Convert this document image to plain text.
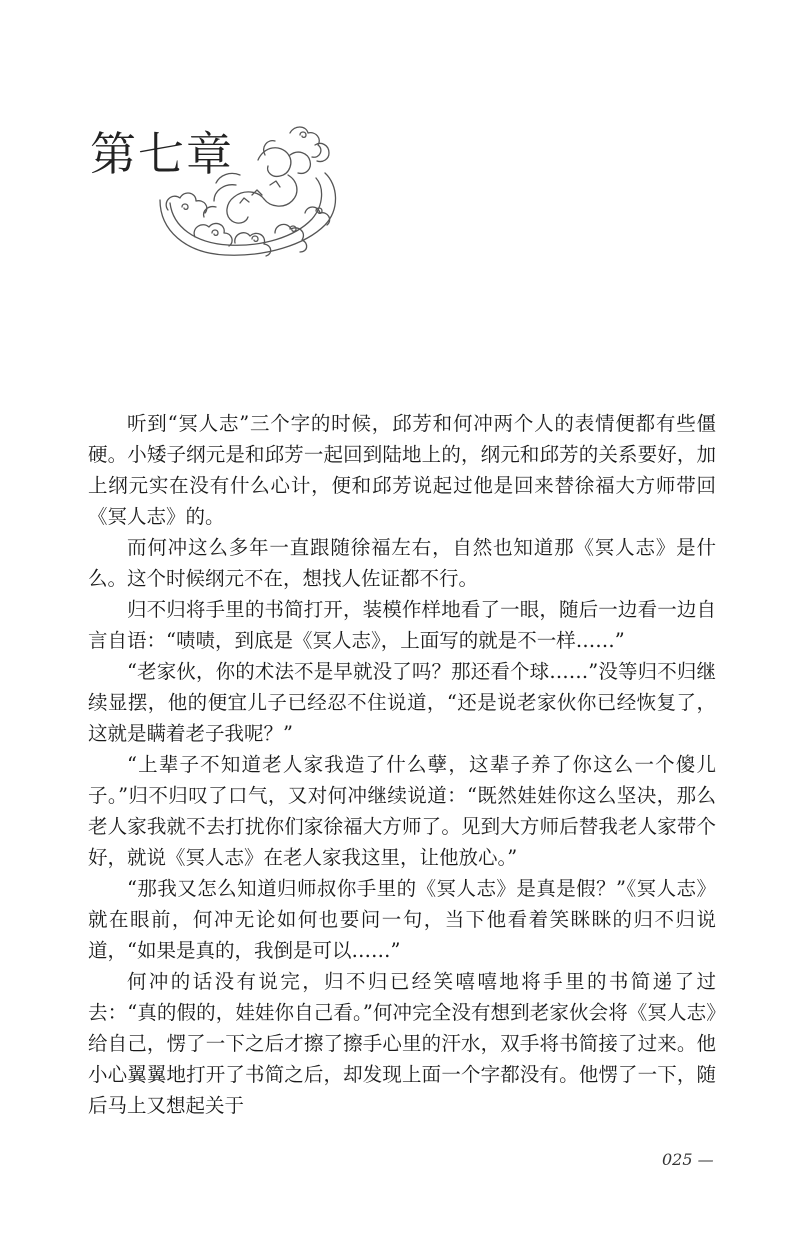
第七章

听到“冥人志”三个字的时候，邱芳和何冲两个人的表情便都有些僵硬。小矮子纲元是和邱芳一起回到陆地上的，纲元和邱芳的关系要好，加上纲元实在没有什么心计，便和邱芳说起过他是回来替徐福大方师带回《冥人志》的。

而何冲这么多年一直跟随徐福左右，自然也知道那《冥人志》是什么。这个时候纲元不在，想找人佐证都不行。

归不归将手里的书简打开，装模作样地看了一眼，随后一边看一边自言自语：“啧啧，到底是《冥人志》，上面写的就是不一样……”

“老家伙，你的术法不是早就没了吗？那还看个球……”没等归不归继续显摆，他的便宜儿子已经忍不住说道，“还是说老家伙你已经恢复了，这就是瞒着老子我呢？”

“上辈子不知道老人家我造了什么孽，这辈子养了你这么一个傻儿子。”归不归叹了口气，又对何冲继续说道：“既然娃娃你这么坚决，那么老人家我就不去打扰你们家徐福大方师了。见到大方师后替我老人家带个好，就说《冥人志》在老人家我这里，让他放心。”

“那我又怎么知道归师叔你手里的《冥人志》是真是假？”《冥人志》就在眼前，何冲无论如何也要问一句，当下他看着笑眯眯的归不归说道，“如果是真的，我倒是可以……”

何冲的话没有说完，归不归已经笑嘻嘻地将手里的书简递了过去：“真的假的，娃娃你自己看。”何冲完全没有想到老家伙会将《冥人志》给自己，愣了一下之后才擦了擦手心里的汗水，双手将书简接了过来。他小心翼翼地打开了书简之后，却发现上面一个字都没有。他愣了一下，随后马上又想起关于

025 —
